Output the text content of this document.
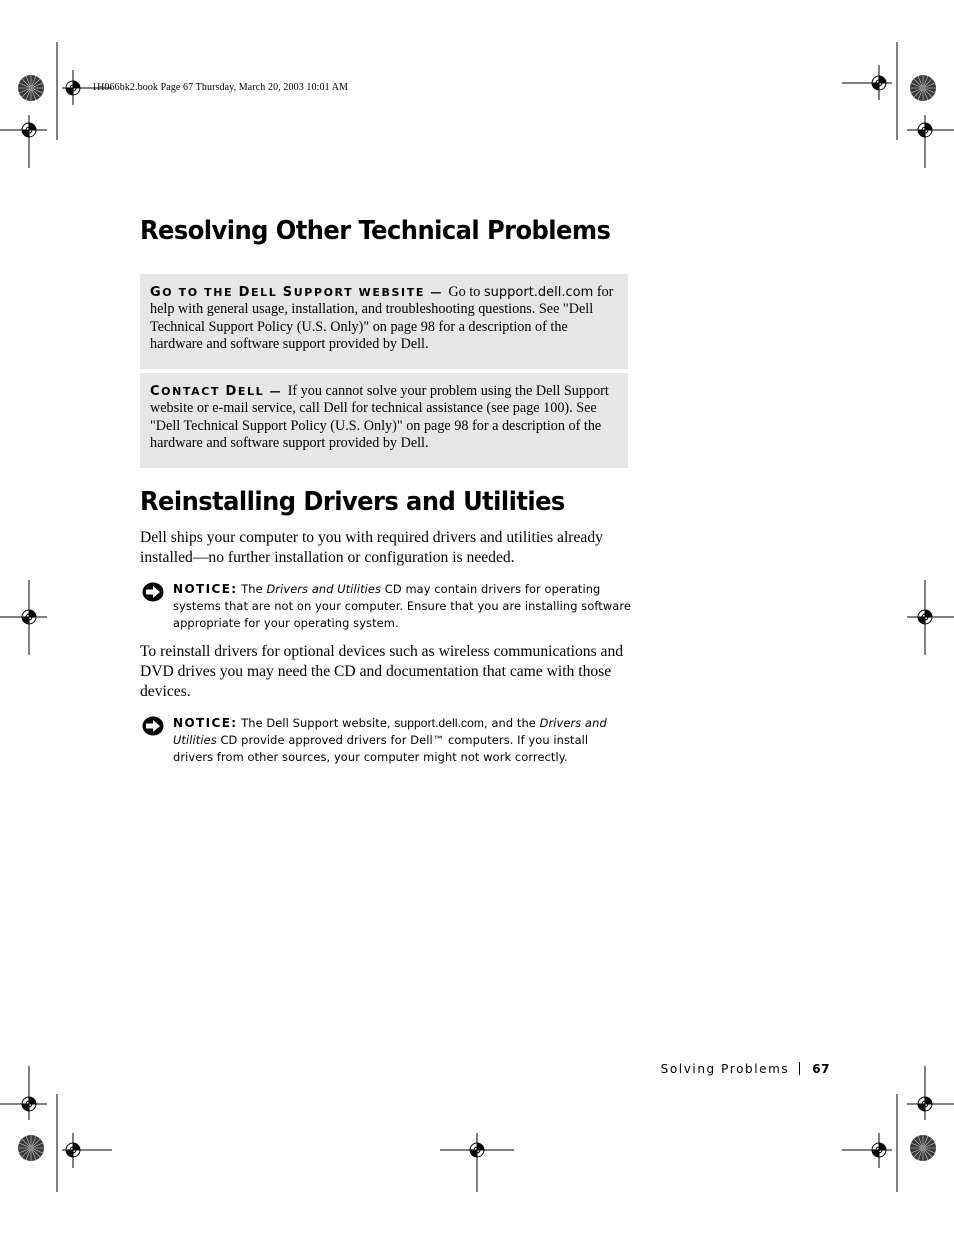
1H066bk2.book Page 67 Thursday, March 20, 2003 10:01 AM
Resolving Other Technical Problems

GO TO THE DELL SUPPORT WEBSITE — Go to support.dell.com for help with general usage, installation, and troubleshooting questions. See "Dell Technical Support Policy (U.S. Only)" on page 98 for a description of the hardware and software support provided by Dell.

CONTACT DELL — If you cannot solve your problem using the Dell Support website or e-mail service, call Dell for technical assistance (see page 100). See "Dell Technical Support Policy (U.S. Only)" on page 98 for a description of the hardware and software support provided by Dell.

Reinstalling Drivers and Utilities

Dell ships your computer to you with required drivers and utilities already installed—no further installation or configuration is needed.

NOTICE: The Drivers and Utilities CD may contain drivers for operating systems that are not on your computer. Ensure that you are installing software appropriate for your operating system.

To reinstall drivers for optional devices such as wireless communications and DVD drives you may need the CD and documentation that came with those devices.

NOTICE: The Dell Support website, support.dell.com, and the Drivers and Utilities CD provide approved drivers for Dell™ computers. If you install drivers from other sources, your computer might not work correctly.

Solving Problems 67
